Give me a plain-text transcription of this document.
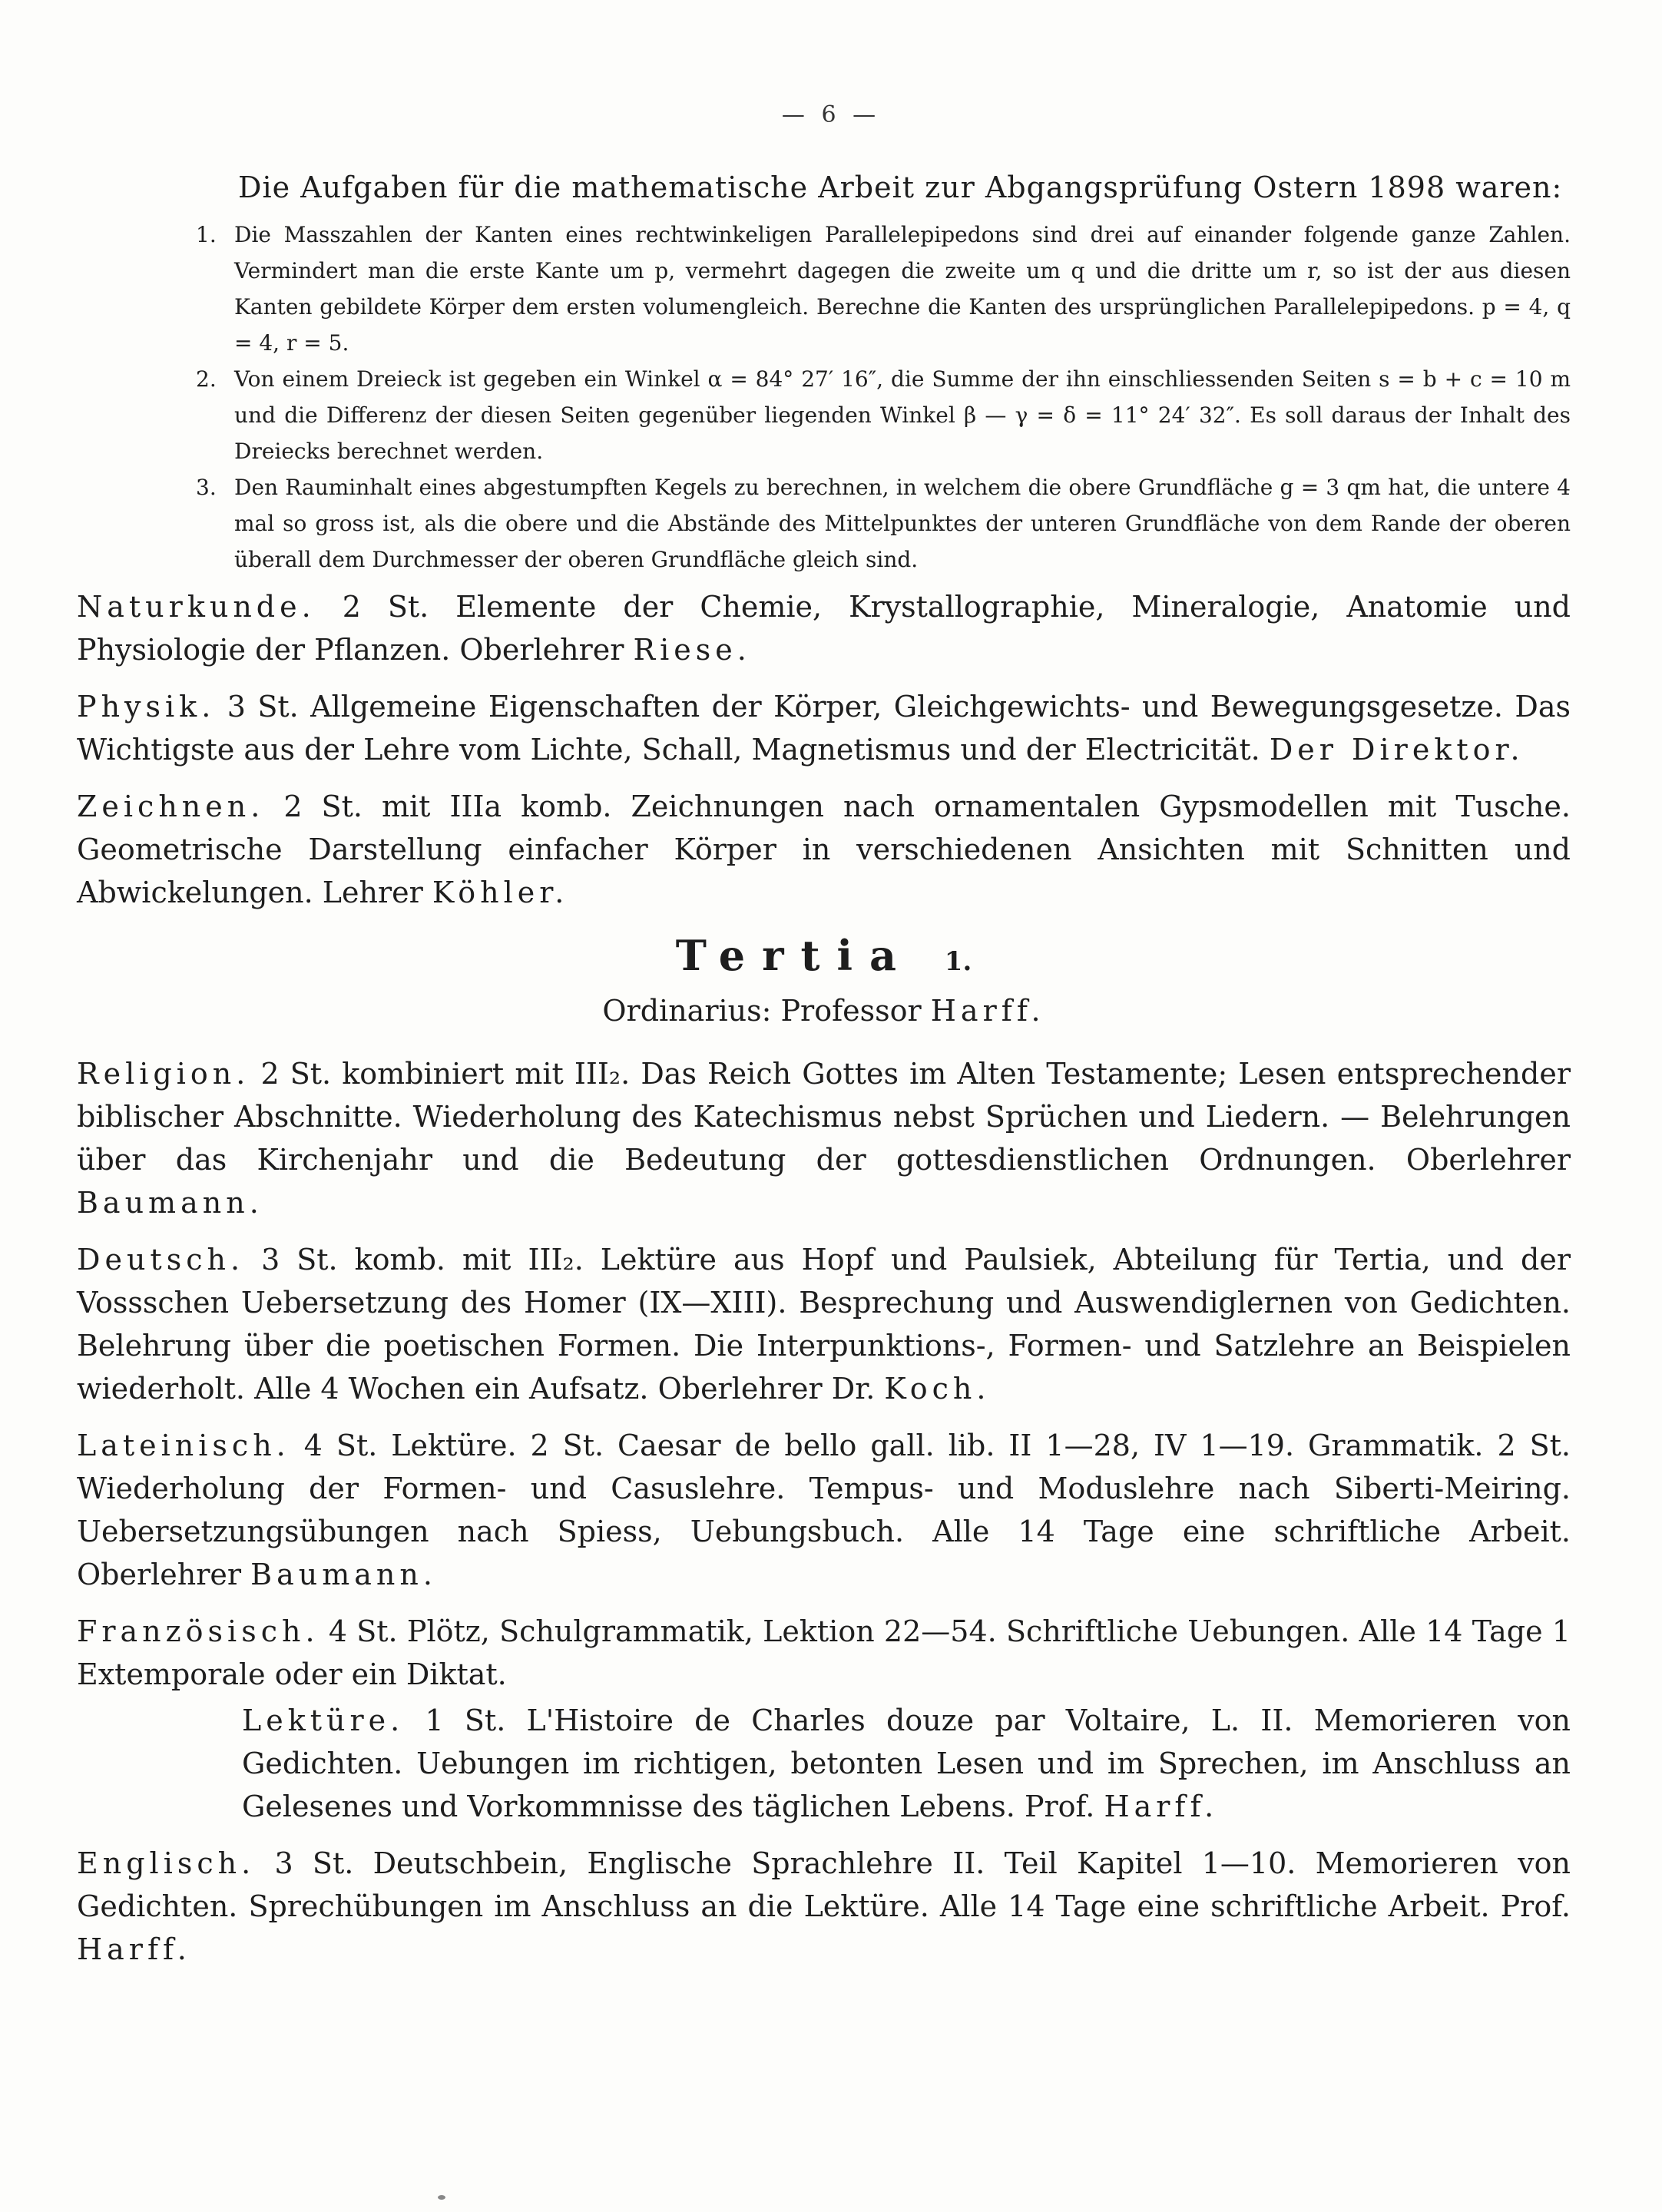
— 6 —
Die Aufgaben für die mathematische Arbeit zur Abgangsprüfung Ostern 1898 waren:
1. Die Masszahlen der Kanten eines rechtwinkeligen Parallelepipedons sind drei auf einander folgende ganze Zahlen. Vermindert man die erste Kante um p, vermehrt dagegen die zweite um q und die dritte um r, so ist der aus diesen Kanten gebildete Körper dem ersten volumengleich. Berechne die Kanten des ursprünglichen Parallelepipedons. p = 4, q = 4, r = 5.
2. Von einem Dreieck ist gegeben ein Winkel α = 84° 27′ 16″, die Summe der ihn einschliessenden Seiten s = b + c = 10 m und die Differenz der diesen Seiten gegenüber liegenden Winkel β — γ = δ = 11° 24′ 32″. Es soll daraus der Inhalt des Dreiecks berechnet werden.
3. Den Rauminhalt eines abgestumpften Kegels zu berechnen, in welchem die obere Grundfläche g = 3 qm hat, die untere 4 mal so gross ist, als die obere und die Abstände des Mittelpunktes der unteren Grundfläche von dem Rande der oberen überall dem Durchmesser der oberen Grundfläche gleich sind.
Naturkunde. 2 St. Elemente der Chemie, Krystallographie, Mineralogie, Anatomie und Physiologie der Pflanzen. Oberlehrer Riese.
Physik. 3 St. Allgemeine Eigenschaften der Körper, Gleichgewichts- und Bewegungsgesetze. Das Wichtigste aus der Lehre vom Lichte, Schall, Magnetismus und der Electricität. Der Direktor.
Zeichnen. 2 St. mit IIIa komb. Zeichnungen nach ornamentalen Gypsmodellen mit Tusche. Geometrische Darstellung einfacher Körper in verschiedenen Ansichten mit Schnitten und Abwickelungen. Lehrer Köhler.
Tertia 1.
Ordinarius: Professor Harff.
Religion. 2 St. kombiniert mit III₂. Das Reich Gottes im Alten Testamente; Lesen entsprechender biblischer Abschnitte. Wiederholung des Katechismus nebst Sprüchen und Liedern. — Belehrungen über das Kirchenjahr und die Bedeutung der gottesdienstlichen Ordnungen. Oberlehrer Baumann.
Deutsch. 3 St. komb. mit III₂. Lektüre aus Hopf und Paulsiek, Abteilung für Tertia, und der Vossschen Uebersetzung des Homer (IX—XIII). Besprechung und Auswendiglernen von Gedichten. Belehrung über die poetischen Formen. Die Interpunktions-, Formen- und Satzlehre an Beispielen wiederholt. Alle 4 Wochen ein Aufsatz. Oberlehrer Dr. Koch.
Lateinisch. 4 St. Lektüre. 2 St. Caesar de bello gall. lib. II 1—28, IV 1—19. Grammatik. 2 St. Wiederholung der Formen- und Casuslehre. Tempus- und Moduslehre nach Siberti-Meiring. Uebersetzungsübungen nach Spiess, Uebungsbuch. Alle 14 Tage eine schriftliche Arbeit. Oberlehrer Baumann.
Französisch. 4 St. Plötz, Schulgrammatik, Lektion 22—54. Schriftliche Uebungen. Alle 14 Tage 1 Extemporale oder ein Diktat.
Lektüre. 1 St. L'Histoire de Charles douze par Voltaire, L. II. Memorieren von Gedichten. Uebungen im richtigen, betonten Lesen und im Sprechen, im Anschluss an Gelesenes und Vorkommnisse des täglichen Lebens. Prof. Harff.
Englisch. 3 St. Deutschbein, Englische Sprachlehre II. Teil Kapitel 1—10. Memorieren von Gedichten. Sprechübungen im Anschluss an die Lektüre. Alle 14 Tage eine schriftliche Arbeit. Prof. Harff.
